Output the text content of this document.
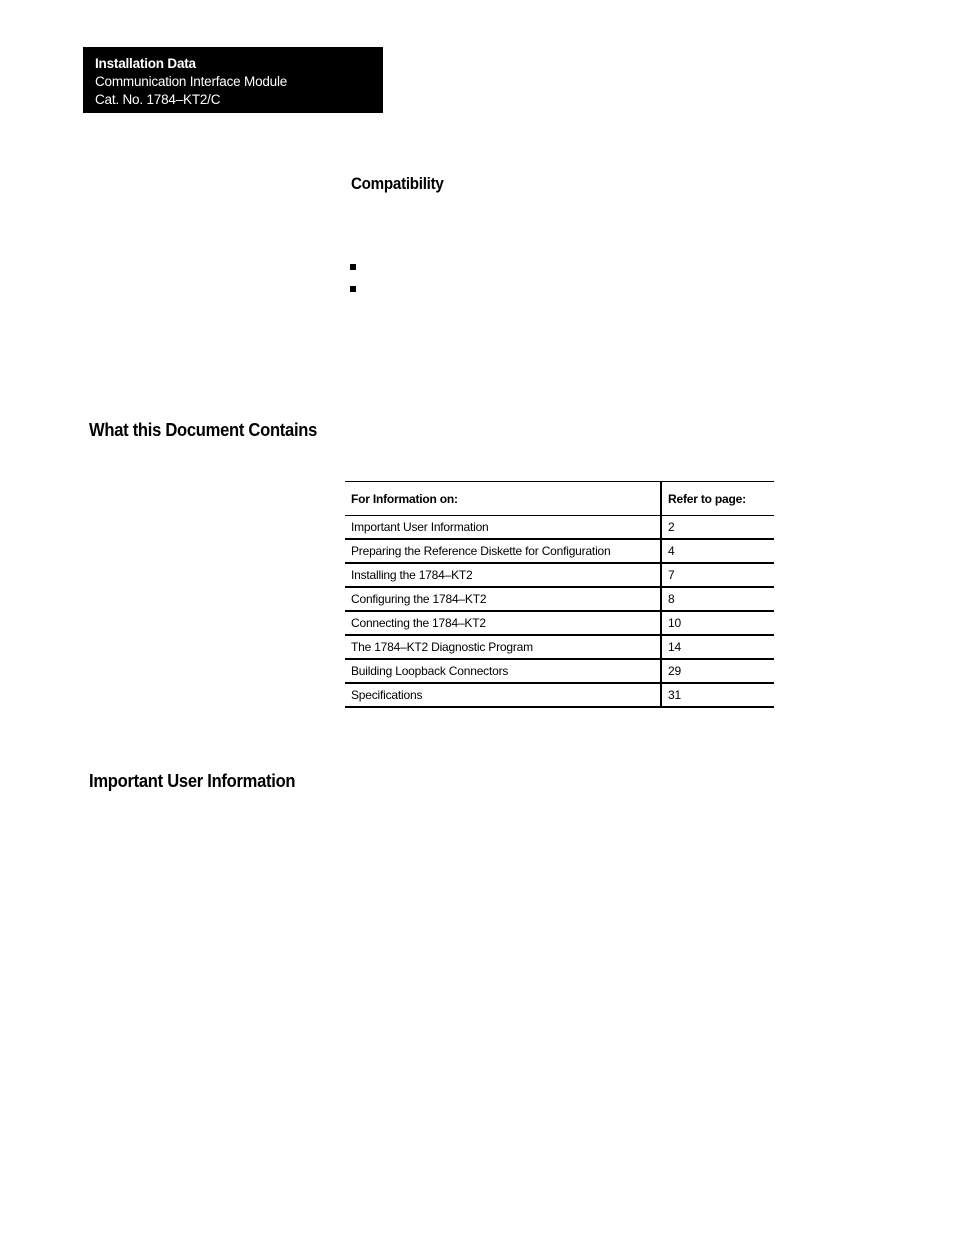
Installation Data
Communication Interface Module
Cat. No. 1784–KT2/C
Compatibility
What this Document Contains
For Information on:	Refer to page:
Important User Information	2
Preparing the Reference Diskette for Configuration	4
Installing the 1784–KT2	7
Configuring the 1784–KT2	8
Connecting the 1784–KT2	10
The 1784–KT2 Diagnostic Program	14
Building Loopback Connectors	29
Specifications	31
Important User Information
